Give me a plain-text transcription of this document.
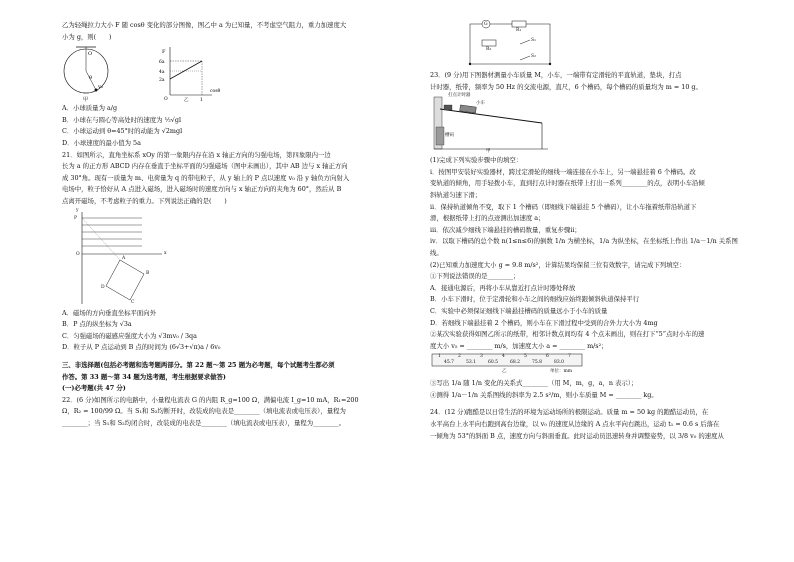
乙为轻绳拉力大小 F 随 cosθ 变化的部分图像，图乙中 a 为已知量，不考虑空气阻力，重力加速度大

小为 g，则(　　)

O
θ
v₀
甲
F
6a
4a
2a
O	1
cosθ
乙

A．小球质量为 a/g

B．小球在与圆心等高处时的速度为 ½√gl

C．小球运动到 θ=45°时的动能为 √2mgl

D．小球速度的最小值为 5a

21．如图所示，直角坐标系 xOy 的第一象限内存在沿 x 轴正方向的匀强电场，第四象限内一边

长为 a 的正方形 ABCD 内存在垂直于坐标平面的匀强磁场（图中未画出），其中 AB 边与 x 轴正方向

成 30°角。现有一质量为 m、电荷量为 q 的带电粒子，从 y 轴上的 P 点以速度 v₀ 沿 y 轴负方向射入

电场中，粒子恰好从 A 点进入磁场，进入磁场时的速度方向与 x 轴正方向的夹角为 60°，然后从 B

点离开磁场，不考虑粒子的重力。下列说法正确的是(　　)

y
P
O	x
A
B
C
D

A．磁场的方向垂直坐标平面向外

B．P 点的纵坐标为 √3a

C．匀强磁场的磁感应强度大小为 √3mv₀ / 3qa

D．粒子从 P 点运动到 B 点的时间为 (6√3+√π)a / 6v₀

三、非选择题(包括必考题和选考题两部分。第 22 题～第 25 题为必考题，每个试题考生都必须

作答。第 33 题～第 34 题为选考题，考生根据要求做答)

(一)必考题(共 47 分)

22．(6 分)如图所示的电路中，小量程电流表 G 的内阻 R_g=100 Ω，满偏电流 I_g=10 mA，R₁=200

Ω，R₂ = 100/99 Ω。当 S₁和 S₂均断开时，改装成的电表是________（填电流表或电压表），量程为

________；当 S₁和 S₂均闭合时，改装成的电表是________（填电流表或电压表），量程为________。

G
R₁
R₂
S₁
S₂

23．(9 分)用下图器材测量小车质量 M，小车，一端带有定滑轮的平直轨道，垫块，打点

计时器，纸带，频率为 50 Hz 的交流电源，直尺，6 个槽码，每个槽码的质量均为 m = 10 g。

打点计时器
小车
槽码
甲

(1)完成下列实验步骤中的填空：

ⅰ．按图甲安装好实验器材，跨过定滑轮的细线一端连接在小车上，另一端悬挂着 6 个槽码。改

变轨道的倾角，用手轻拨小车，直到打点计时器在纸带上打出一系列________的点，表明小车沿倾

斜轨道匀速下滑；

ⅱ．保持轨道倾角不变，取下 1 个槽码（即细线下端悬挂 5 个槽码），让小车拖着纸带沿轨道下

滑，根据纸带上打的点迹测出加速度 a；

ⅲ．依次减少细线下端悬挂的槽码数量，重复步骤ⅱ；

ⅳ．以取下槽码的总个数 n(1≤n≤6)的倒数 1/n 为横坐标，1/a 为纵坐标，在坐标纸上作出 1/a－1/n 关系图线。

(2)已知重力加速度大小 g = 9.8 m/s²，计算结果均保留三位有效数字，请完成下列填空：

①下列说法错误的是________；

A．接通电源后，再将小车从靠近打点计时器处释放

B．小车下滑时，位于定滑轮和小车之间的细线应始终跟倾斜轨道保持平行

C．实验中必须保证细线下端悬挂槽码的质量远小于小车的质量

D．若细线下端悬挂着 2 个槽码，则小车在下滑过程中受到的合外力大小为 4mg

②某次实验获得如图乙所示的纸带，相邻计数点间均有 4 个点未画出，则在打下“5”点时小车的速

度大小 v₅ = ________ m/s，加速度大小 a = ________ m/s²；

1	2	3	4	5	6	7
45.7	53.1	60.5	68.2	75.8	83.0
单位：mm
乙

③写出 1/a 随 1/n 变化的关系式________（用 M，m，g，a，n 表示）；

④测得 1/a－1/n 关系图线的斜率为 2.5 s²/m，则小车质量 M = ________ kg。

24．(12 分)跑酷是以日常生活的环境为运动场所的极限运动。质量 m = 50 kg 的跑酷运动员，在

水平高台上水平向右跑到高台边缘，以 v₀ 的速度从边缘的 A 点水平向右跳出，运动 t₁ = 0.6 s 后落在

一倾角为 53°的斜面 B 点，速度方向与斜面垂直。此时运动员迅速转身并调整姿势，以 3/8 v₀ 的速度从
